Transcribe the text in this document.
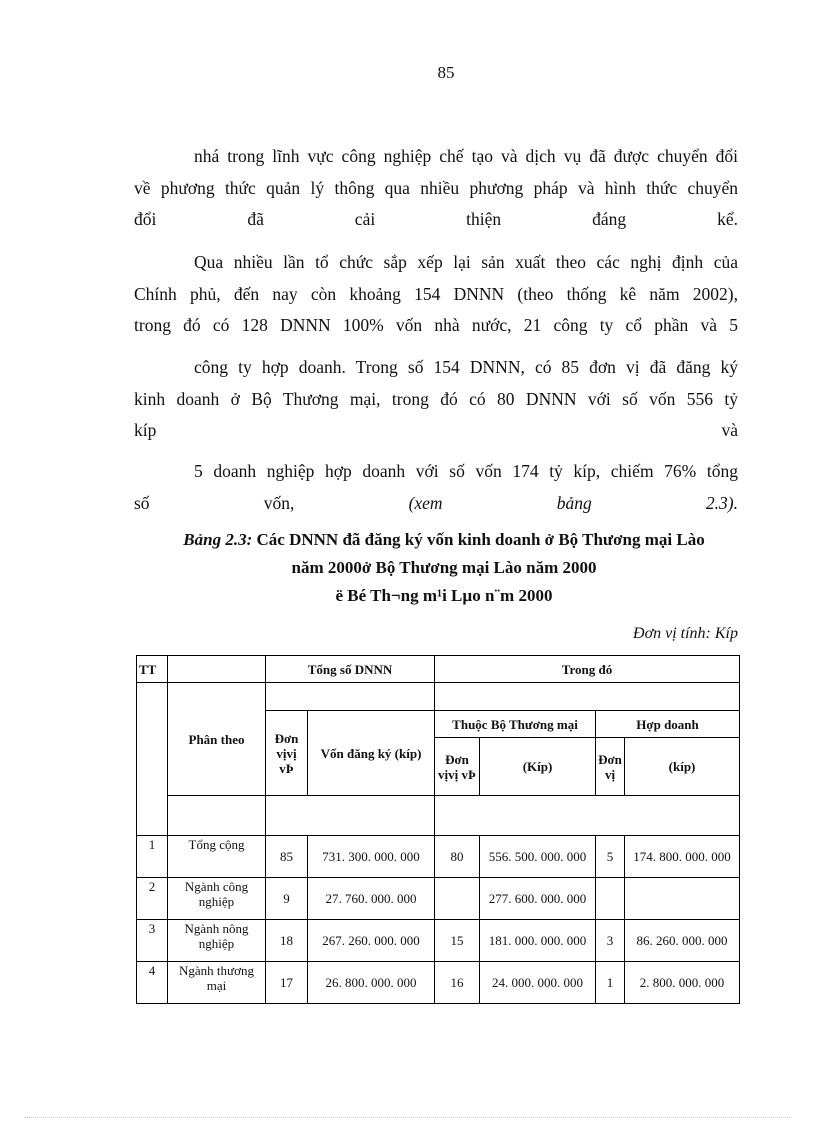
85
nhá trong lĩnh vực công nghiệp chế tạo và dịch vụ đã được chuyển đổi
về phương thức quản lý thông qua nhiều phương pháp và hình thức chuyển
đổi đã cải thiện đáng kể.
Qua nhiều lần tổ chức sắp xếp lại sản xuất theo các nghị định của
Chính phủ, đến nay còn khoảng 154 DNNN (theo thống kê năm 2002),
trong đó có 128 DNNN 100% vốn nhà nước, 21 công ty cổ phần và 5
công ty hợp doanh. Trong số 154 DNNN, có 85 đơn vị đã đăng ký
kinh doanh ở Bộ Thương mại, trong đó có 80 DNNN với số vốn 556 tỷ
kíp và
5 doanh nghiệp hợp doanh với số vốn 174 tỷ kíp, chiếm 76% tổng
số vốn,	(xem bảng 2.3).
Bảng 2.3: Các DNNN đã đăng ký vốn kinh doanh ở Bộ Thương mại Lào
năm 2000ở Bộ Thương mại Lào năm 2000
ë Bé Th¬ng m¹i Lµo n¨m 2000
Đơn vị tính: Kíp
TT		Tổng số DNNN		Trong đó				
	Phân theo							
		Đơn vịvị vÞ	Vốn đăng ký (kíp)	Thuộc Bộ Thương mại		Hợp doanh		
				Đơn vịvị vÞ	(Kíp)	Đơn vị	(kíp)	

1	Tổng cộng	85	731. 300. 000. 000	80	556. 500. 000. 000	5	174. 800. 000. 000	
2	Ngành công nghiệp	9	27. 760. 000. 000		277. 600. 000. 000			
3	Ngành nông nghiệp	18	267. 260. 000. 000	15	181. 000. 000. 000	3	86. 260. 000. 000	
4	Ngành thương mại	17	26. 800. 000. 000	16	24. 000. 000. 000	1	2. 800. 000. 000	
